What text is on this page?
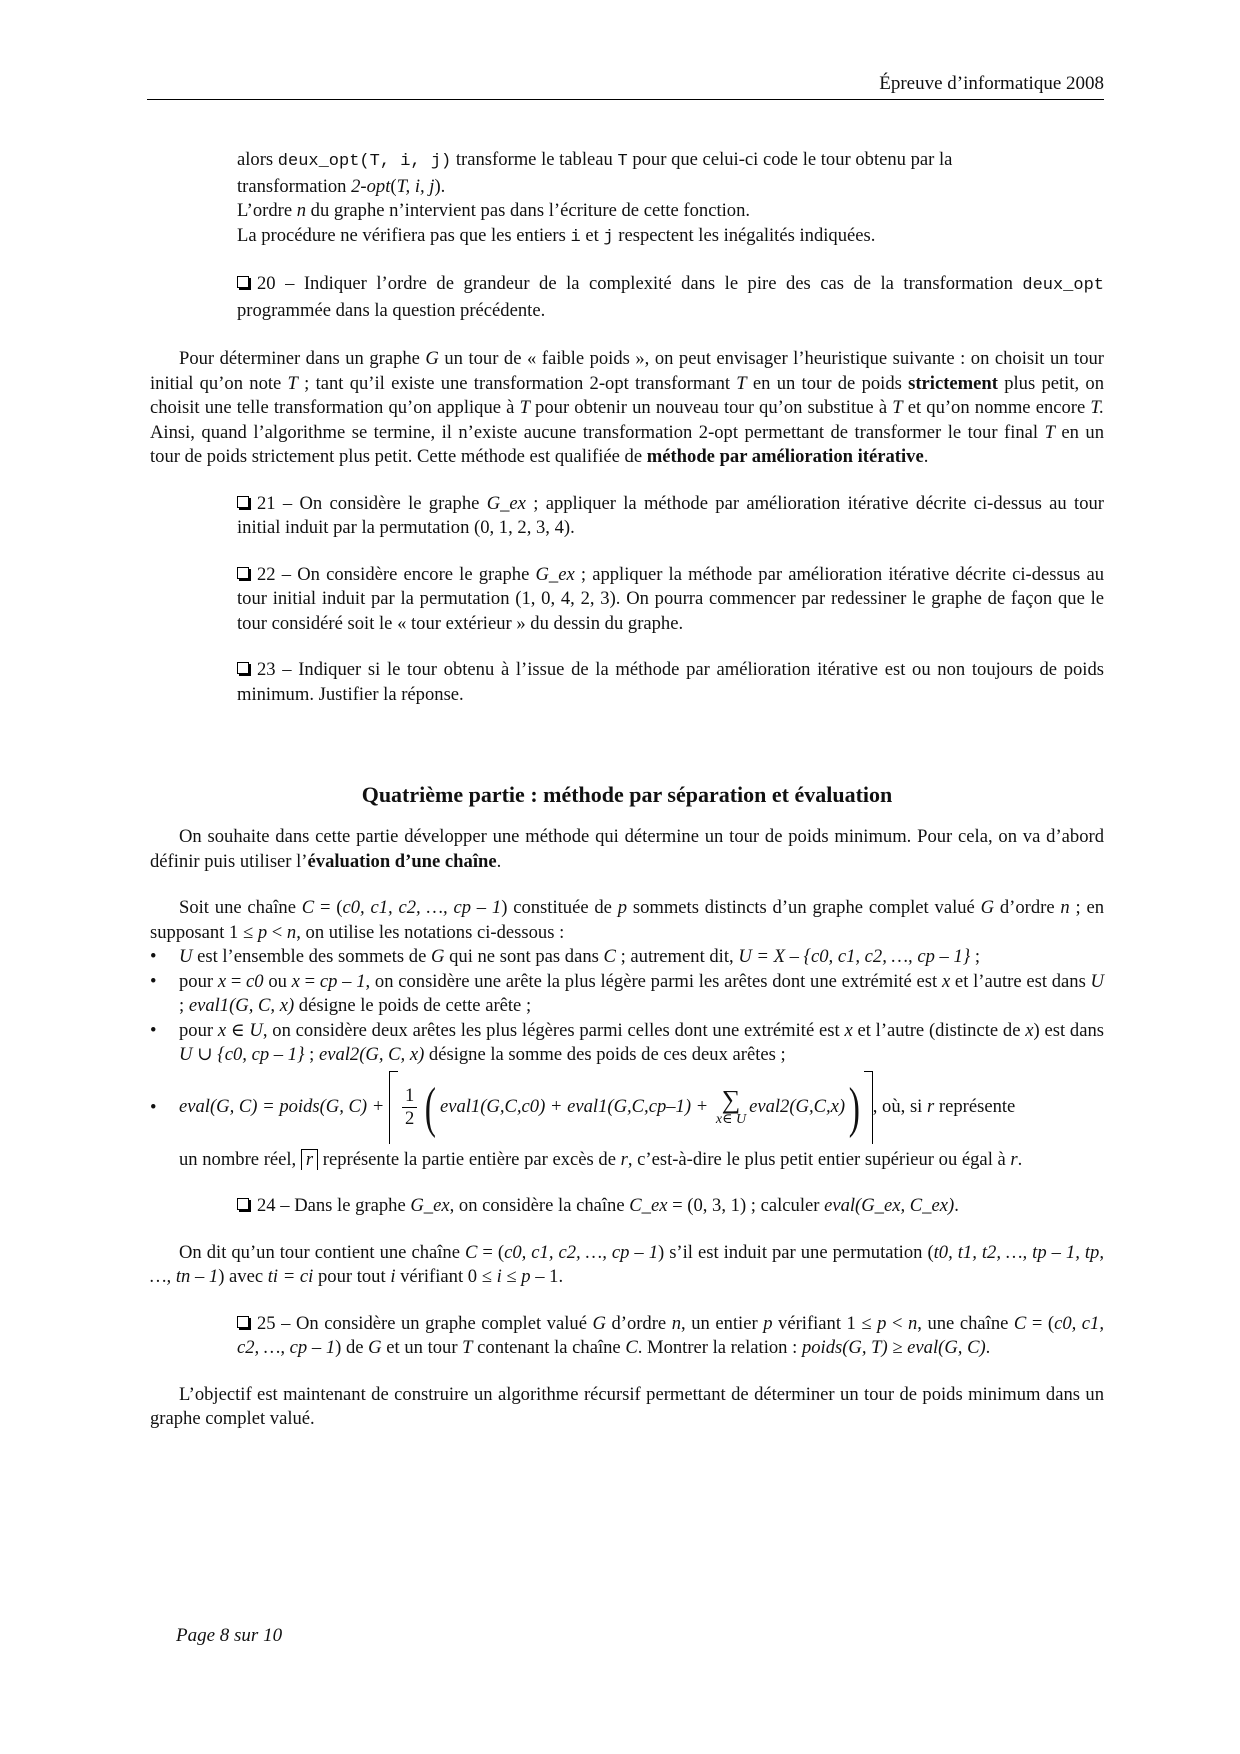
Épreuve d’informatique 2008

alors deux_opt(T, i, j) transforme le tableau T pour que celui-ci code le tour obtenu par la

transformation 2-opt(T, i, j).

L’ordre n du graphe n’intervient pas dans l’écriture de cette fonction.

La procédure ne vérifiera pas que les entiers i et j respectent les inégalités indiquées.

20 – Indiquer l’ordre de grandeur de la complexité dans le pire des cas de la transformation deux_opt programmée dans la question précédente.

Pour déterminer dans un graphe G un tour de « faible poids », on peut envisager l’heuristique suivante : on choisit un tour initial qu’on note T ; tant qu’il existe une transformation 2-opt transformant T en un tour de poids strictement plus petit, on choisit une telle transformation qu’on applique à T pour obtenir un nouveau tour qu’on substitue à T et qu’on nomme encore T. Ainsi, quand l’algorithme se termine, il n’existe aucune transformation 2-opt permettant de transformer le tour final T en un tour de poids strictement plus petit. Cette méthode est qualifiée de méthode par amélioration itérative.

21 – On considère le graphe G_ex ; appliquer la méthode par amélioration itérative décrite ci-dessus au tour initial induit par la permutation (0, 1, 2, 3, 4).

22 – On considère encore le graphe G_ex ; appliquer la méthode par amélioration itérative décrite ci-dessus au tour initial induit par la permutation (1, 0, 4, 2, 3). On pourra commencer par redessiner le graphe de façon que le tour considéré soit le « tour extérieur » du dessin du graphe.

23 – Indiquer si le tour obtenu à l’issue de la méthode par amélioration itérative est ou non toujours de poids minimum. Justifier la réponse.

Quatrième partie : méthode par séparation et évaluation

On souhaite dans cette partie développer une méthode qui détermine un tour de poids minimum. Pour cela, on va d’abord définir puis utiliser l’évaluation d’une chaîne.

Soit une chaîne C = (c0, c1, c2, …, cp – 1) constituée de p sommets distincts d’un graphe complet valué G d’ordre n ; en supposant 1 ≤ p < n, on utilise les notations ci-dessous :

• U est l’ensemble des sommets de G qui ne sont pas dans C ; autrement dit, U = X – {c0, c1, c2, …, cp – 1} ;
• pour x = c0 ou x = cp – 1, on considère une arête la plus légère parmi les arêtes dont une extrémité est x et l’autre est dans U ; eval1(G, C, x) désigne le poids de cette arête ;
• pour x ∈ U, on considère deux arêtes les plus légères parmi celles dont une extrémité est x et l’autre (distincte de x) est dans U ∪ {c0, cp – 1} ; eval2(G, C, x) désigne la somme des poids de ces deux arêtes ;
• eval(G, C) = poids(G, $C) + \frac{1}{2}$ ( eval1(G,C,c0) + eval1(G,C,cp–1) + ∑
x∈ U
eval2(G,C,x) ) , où, si r représente

un nombre réel, r représente la partie entière par excès de r, c’est-à-dire le plus petit entier supérieur ou égal à r.

24 – Dans le graphe G_ex, on considère la chaîne C_ex = (0, 3, 1) ; calculer eval(G_ex, C_ex).

On dit qu’un tour contient une chaîne C = (c0, c1, c2, …, cp – 1) s’il est induit par une permutation (t0, t1, t2, …, tp – 1, tp, …, tn – 1) avec ti = ci pour tout i vérifiant 0 ≤ i ≤ p – 1.

25 – On considère un graphe complet valué G d’ordre n, un entier p vérifiant 1 ≤ p < n, une chaîne C = (c0, c1, c2, …, cp – 1) de G et un tour T contenant la chaîne C. Montrer la relation : poids(G, T) ≥ eval(G, C).

L’objectif est maintenant de construire un algorithme récursif permettant de déterminer un tour de poids minimum dans un graphe complet valué.

Page 8 sur 10
